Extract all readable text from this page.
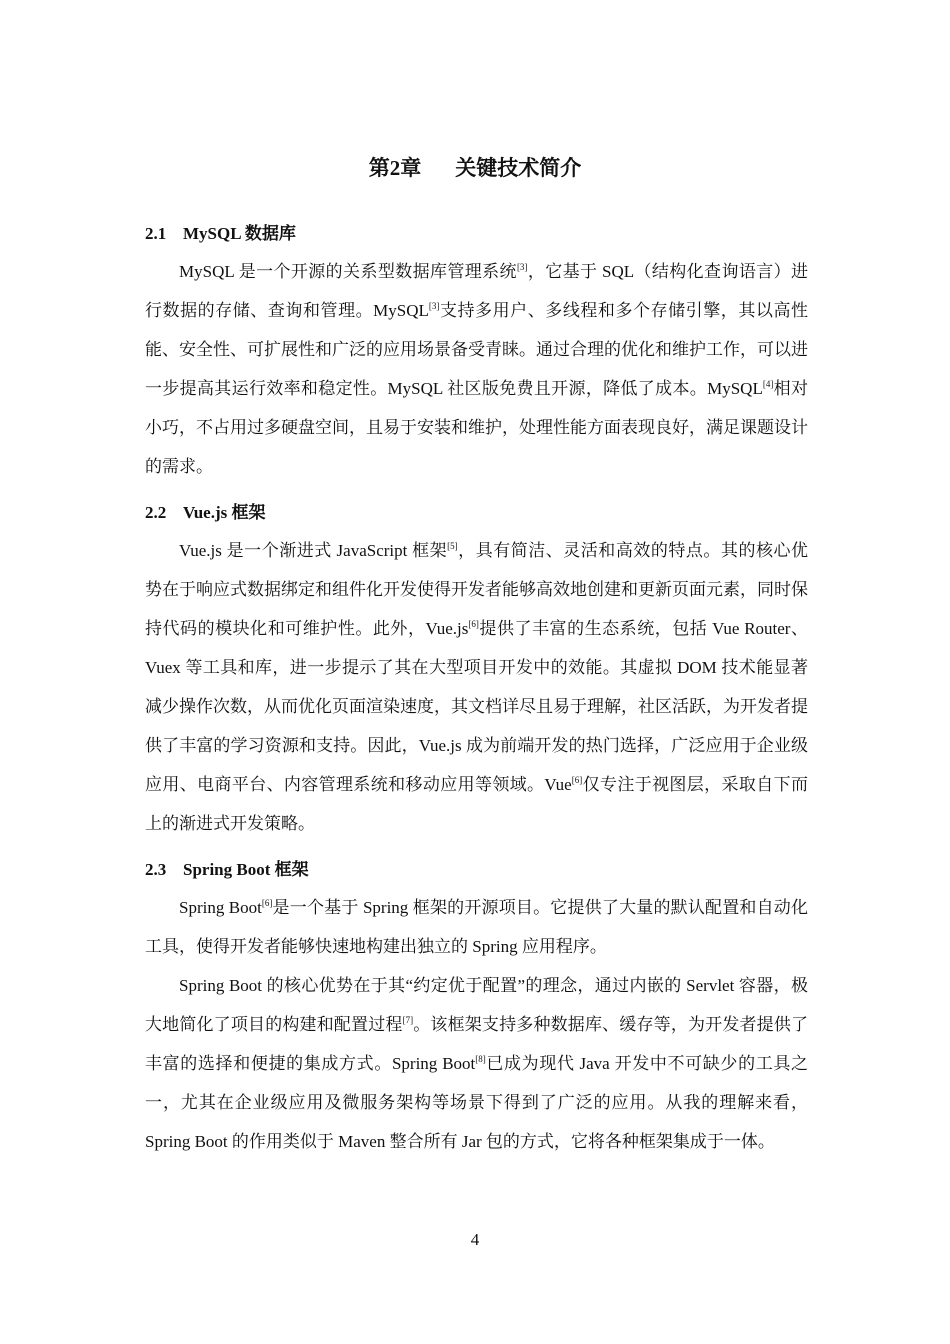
第2章 关键技术简介
2.1 MySQL 数据库

MySQL 是一个开源的关系型数据库管理系统[3]，它基于 SQL（结构化查询语言）进行数据的存储、查询和管理。MySQL[3]支持多用户、多线程和多个存储引擎，其以高性能、安全性、可扩展性和广泛的应用场景备受青睐。通过合理的优化和维护工作，可以进一步提高其运行效率和稳定性。MySQL 社区版免费且开源，降低了成本。MySQL[4]相对小巧，不占用过多硬盘空间，且易于安装和维护，处理性能方面表现良好，满足课题设计的需求。

2.2 Vue.js 框架

Vue.js 是一个渐进式 JavaScript 框架[5]，具有简洁、灵活和高效的特点。其的核心优势在于响应式数据绑定和组件化开发使得开发者能够高效地创建和更新页面元素，同时保持代码的模块化和可维护性。此外，Vue.js[6]提供了丰富的生态系统，包括 Vue Router、Vuex 等工具和库，进一步提示了其在大型项目开发中的效能。其虚拟 DOM 技术能显著减少操作次数，从而优化页面渲染速度，其文档详尽且易于理解，社区活跃，为开发者提供了丰富的学习资源和支持。因此，Vue.js 成为前端开发的热门选择，广泛应用于企业级应用、电商平台、内容管理系统和移动应用等领域。Vue[6]仅专注于视图层，采取自下而上的渐进式开发策略。

2.3 Spring Boot 框架

Spring Boot[6]是一个基于 Spring 框架的开源项目。它提供了大量的默认配置和自动化工具，使得开发者能够快速地构建出独立的 Spring 应用程序。

Spring Boot 的核心优势在于其“约定优于配置”的理念，通过内嵌的 Servlet 容器，极大地简化了项目的构建和配置过程[7]。该框架支持多种数据库、缓存等，为开发者提供了丰富的选择和便捷的集成方式。Spring Boot[8]已成为现代 Java 开发中不可缺少的工具之一，尤其在企业级应用及微服务架构等场景下得到了广泛的应用。从我的理解来看，Spring Boot 的作用类似于 Maven 整合所有 Jar 包的方式，它将各种框架集成于一体。

4
